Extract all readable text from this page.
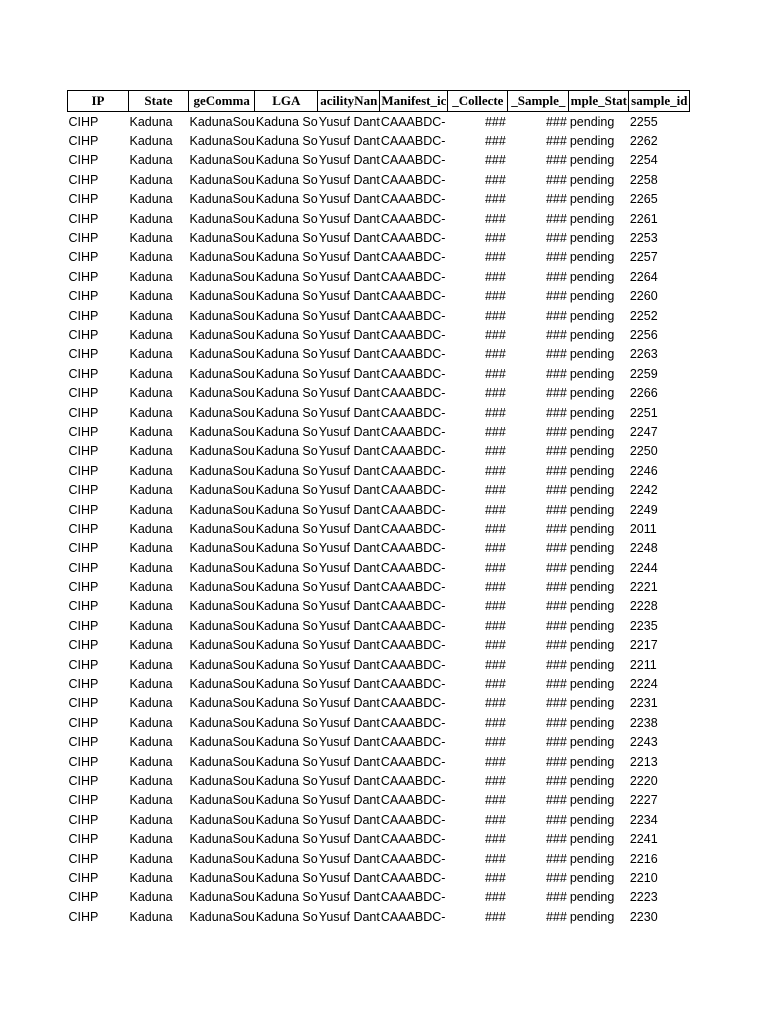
IP	State	geComma	LGA	acilityNan	Manifest_ic	_Collecte	_Sample_	mple_Stat	sample_id
CIHP	Kaduna	KadunaSou	Kaduna So	Yusuf Dant	CAAABDC-	###	###	pending	2255
CIHP	Kaduna	KadunaSou	Kaduna So	Yusuf Dant	CAAABDC-	###	###	pending	2262
CIHP	Kaduna	KadunaSou	Kaduna So	Yusuf Dant	CAAABDC-	###	###	pending	2254
CIHP	Kaduna	KadunaSou	Kaduna So	Yusuf Dant	CAAABDC-	###	###	pending	2258
CIHP	Kaduna	KadunaSou	Kaduna So	Yusuf Dant	CAAABDC-	###	###	pending	2265
CIHP	Kaduna	KadunaSou	Kaduna So	Yusuf Dant	CAAABDC-	###	###	pending	2261
CIHP	Kaduna	KadunaSou	Kaduna So	Yusuf Dant	CAAABDC-	###	###	pending	2253
CIHP	Kaduna	KadunaSou	Kaduna So	Yusuf Dant	CAAABDC-	###	###	pending	2257
CIHP	Kaduna	KadunaSou	Kaduna So	Yusuf Dant	CAAABDC-	###	###	pending	2264
CIHP	Kaduna	KadunaSou	Kaduna So	Yusuf Dant	CAAABDC-	###	###	pending	2260
CIHP	Kaduna	KadunaSou	Kaduna So	Yusuf Dant	CAAABDC-	###	###	pending	2252
CIHP	Kaduna	KadunaSou	Kaduna So	Yusuf Dant	CAAABDC-	###	###	pending	2256
CIHP	Kaduna	KadunaSou	Kaduna So	Yusuf Dant	CAAABDC-	###	###	pending	2263
CIHP	Kaduna	KadunaSou	Kaduna So	Yusuf Dant	CAAABDC-	###	###	pending	2259
CIHP	Kaduna	KadunaSou	Kaduna So	Yusuf Dant	CAAABDC-	###	###	pending	2266
CIHP	Kaduna	KadunaSou	Kaduna So	Yusuf Dant	CAAABDC-	###	###	pending	2251
CIHP	Kaduna	KadunaSou	Kaduna So	Yusuf Dant	CAAABDC-	###	###	pending	2247
CIHP	Kaduna	KadunaSou	Kaduna So	Yusuf Dant	CAAABDC-	###	###	pending	2250
CIHP	Kaduna	KadunaSou	Kaduna So	Yusuf Dant	CAAABDC-	###	###	pending	2246
CIHP	Kaduna	KadunaSou	Kaduna So	Yusuf Dant	CAAABDC-	###	###	pending	2242
CIHP	Kaduna	KadunaSou	Kaduna So	Yusuf Dant	CAAABDC-	###	###	pending	2249
CIHP	Kaduna	KadunaSou	Kaduna So	Yusuf Dant	CAAABDC-	###	###	pending	2011
CIHP	Kaduna	KadunaSou	Kaduna So	Yusuf Dant	CAAABDC-	###	###	pending	2248
CIHP	Kaduna	KadunaSou	Kaduna So	Yusuf Dant	CAAABDC-	###	###	pending	2244
CIHP	Kaduna	KadunaSou	Kaduna So	Yusuf Dant	CAAABDC-	###	###	pending	2221
CIHP	Kaduna	KadunaSou	Kaduna So	Yusuf Dant	CAAABDC-	###	###	pending	2228
CIHP	Kaduna	KadunaSou	Kaduna So	Yusuf Dant	CAAABDC-	###	###	pending	2235
CIHP	Kaduna	KadunaSou	Kaduna So	Yusuf Dant	CAAABDC-	###	###	pending	2217
CIHP	Kaduna	KadunaSou	Kaduna So	Yusuf Dant	CAAABDC-	###	###	pending	2211
CIHP	Kaduna	KadunaSou	Kaduna So	Yusuf Dant	CAAABDC-	###	###	pending	2224
CIHP	Kaduna	KadunaSou	Kaduna So	Yusuf Dant	CAAABDC-	###	###	pending	2231
CIHP	Kaduna	KadunaSou	Kaduna So	Yusuf Dant	CAAABDC-	###	###	pending	2238
CIHP	Kaduna	KadunaSou	Kaduna So	Yusuf Dant	CAAABDC-	###	###	pending	2243
CIHP	Kaduna	KadunaSou	Kaduna So	Yusuf Dant	CAAABDC-	###	###	pending	2213
CIHP	Kaduna	KadunaSou	Kaduna So	Yusuf Dant	CAAABDC-	###	###	pending	2220
CIHP	Kaduna	KadunaSou	Kaduna So	Yusuf Dant	CAAABDC-	###	###	pending	2227
CIHP	Kaduna	KadunaSou	Kaduna So	Yusuf Dant	CAAABDC-	###	###	pending	2234
CIHP	Kaduna	KadunaSou	Kaduna So	Yusuf Dant	CAAABDC-	###	###	pending	2241
CIHP	Kaduna	KadunaSou	Kaduna So	Yusuf Dant	CAAABDC-	###	###	pending	2216
CIHP	Kaduna	KadunaSou	Kaduna So	Yusuf Dant	CAAABDC-	###	###	pending	2210
CIHP	Kaduna	KadunaSou	Kaduna So	Yusuf Dant	CAAABDC-	###	###	pending	2223
CIHP	Kaduna	KadunaSou	Kaduna So	Yusuf Dant	CAAABDC-	###	###	pending	2230
